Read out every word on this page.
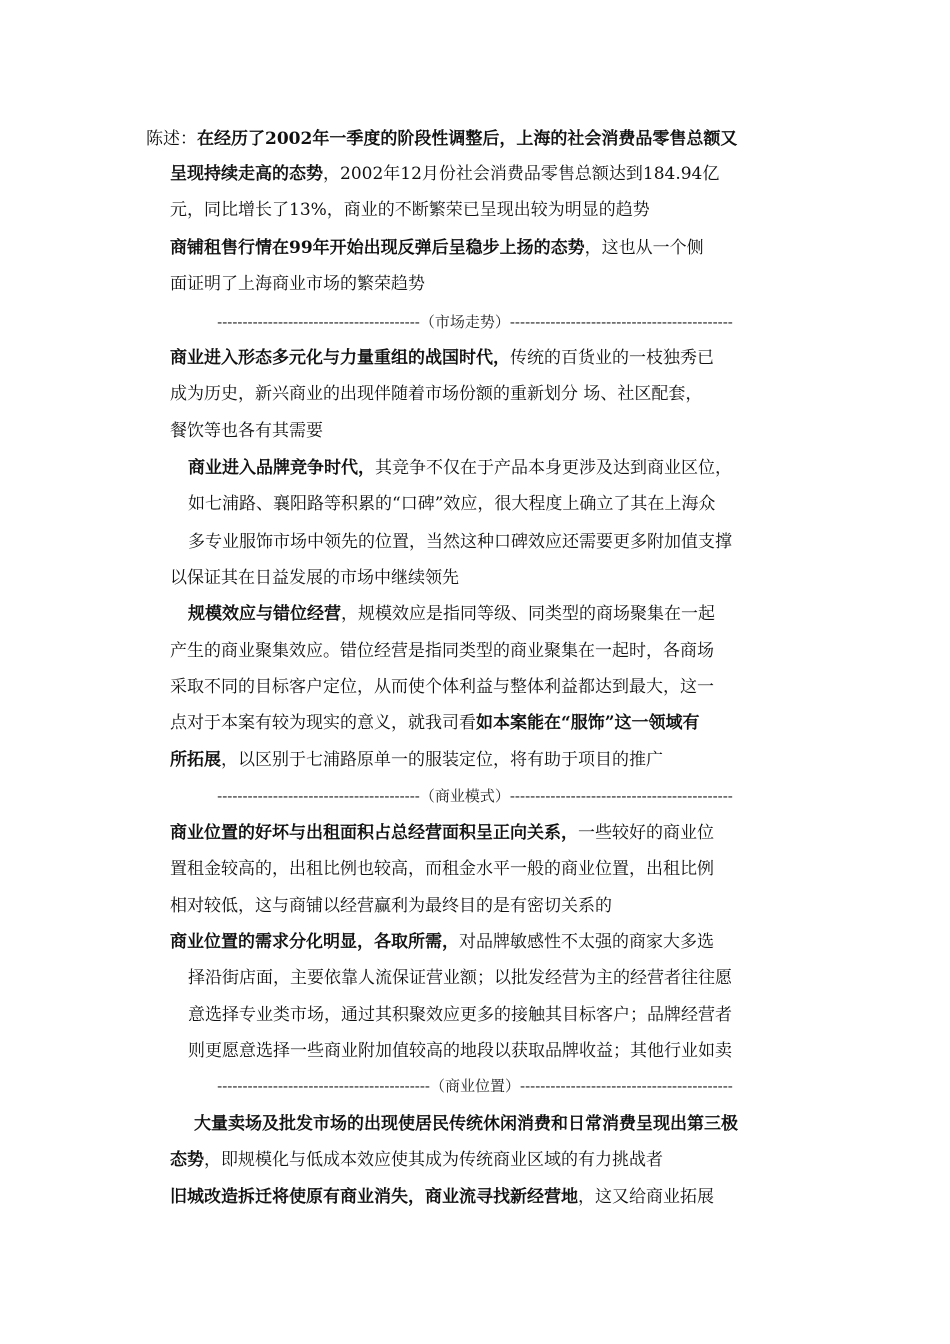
陈述：在经历了2002年一季度的阶段性调整后，上海的社会消费品零售总额又
呈现持续走高的态势，2002年12月份社会消费品零售总额达到184.94亿
元，同比增长了13%，商业的不断繁荣已呈现出较为明显的趋势
商铺租售行情在99年开始出现反弹后呈稳步上扬的态势，这也从一个侧
面证明了上海商业市场的繁荣趋势
----------------------------------------（市场走势）--------------------------------------------
商业进入形态多元化与力量重组的战国时代，传统的百货业的一枝独秀已
成为历史，新兴商业的出现伴随着市场份额的重新划分 场、社区配套，
餐饮等也各有其需要
商业进入品牌竞争时代，其竞争不仅在于产品本身更涉及达到商业区位，
如七浦路、襄阳路等积累的“口碑”效应，很大程度上确立了其在上海众
多专业服饰市场中领先的位置，当然这种口碑效应还需要更多附加值支撑
以保证其在日益发展的市场中继续领先
规模效应与错位经营，规模效应是指同等级、同类型的商场聚集在一起
产生的商业聚集效应。错位经营是指同类型的商业聚集在一起时，各商场
采取不同的目标客户定位，从而使个体利益与整体利益都达到最大，这一
点对于本案有较为现实的意义，就我司看如本案能在“服饰”这一领域有
所拓展，以区别于七浦路原单一的服装定位，将有助于项目的推广
----------------------------------------（商业模式）--------------------------------------------
商业位置的好坏与出租面积占总经营面积呈正向关系，一些较好的商业位
置租金较高的，出租比例也较高，而租金水平一般的商业位置，出租比例
相对较低，这与商铺以经营赢利为最终目的是有密切关系的
商业位置的需求分化明显，各取所需，对品牌敏感性不太强的商家大多选
择沿街店面，主要依靠人流保证营业额；以批发经营为主的经营者往往愿
意选择专业类市场，通过其积聚效应更多的接触其目标客户；品牌经营者
则更愿意选择一些商业附加值较高的地段以获取品牌收益；其他行业如卖
------------------------------------------（商业位置）------------------------------------------
大量卖场及批发市场的出现使居民传统休闲消费和日常消费呈现出第三极
态势，即规模化与低成本效应使其成为传统商业区域的有力挑战者
旧城改造拆迁将使原有商业消失，商业流寻找新经营地，这又给商业拓展
